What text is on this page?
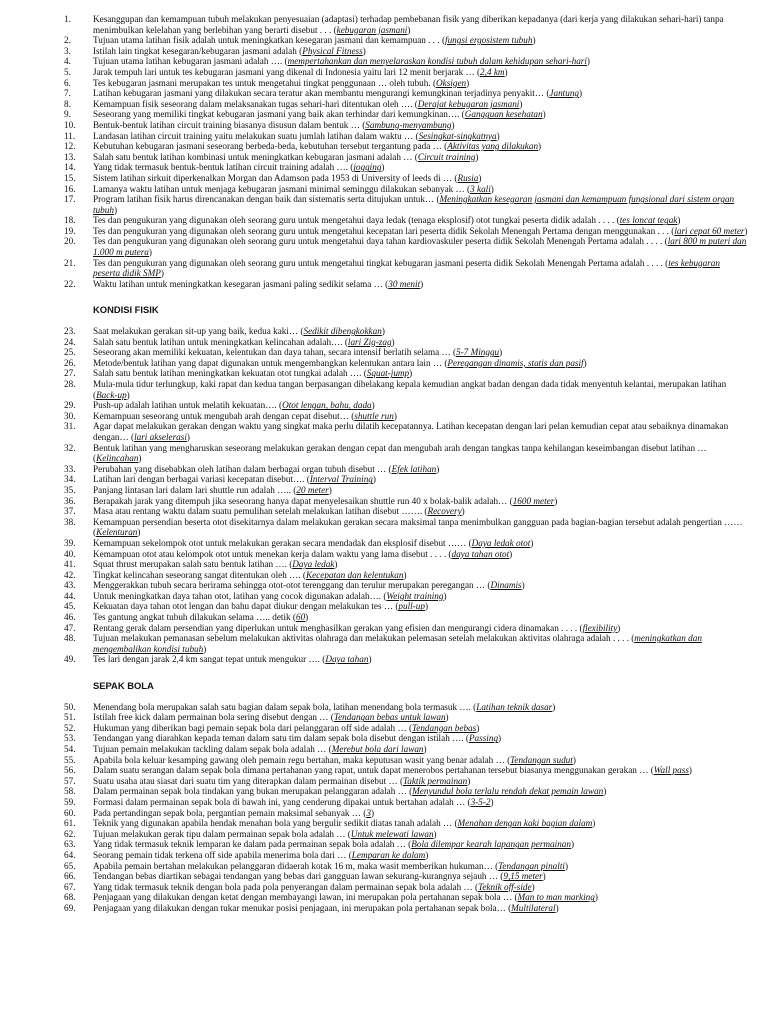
1.	Kesanggupan dan kemampuan tubuh melakukan penyesuaian (adaptasi) terhadap pembebanan fisik yang diberikan kepadanya (dari kerja yang dilakukan sehari-hari) tanpa menimbulkan kelelahan yang berlebihan yang berarti disebut . . . (kebugaran jasmani)
2.	Tujuan utama latihan fisik adalah untuk meningkatkan kesegaran jasmani dan kemampuan . . . (fungsi ergosistem tubuh)
3.	Istilah lain tingkat kesegaran/kebugaran jasmani adalah (Physical Fitness)
4.	Tujuan utama latihan kebugaran jasmani adalah …. (mempertahankan dan menyelaraskan kondisi tubuh dalam kehidupan sehari-hari)
5.	Jarak tempuh lari untuk tes kebugaran jasmani yang dikenal di Indonesia yaitu lari 12 menit berjarak … (2,4 km)
6.	Tes kebugaran jasmani merupakan tes untuk mengetahui tingkat penggunaan … oleh tubuh. (Oksigen)
7.	Latihan kebugaran jasmani yang dilakukan secara teratur akan membantu mengurangi kemungkinan terjadinya penyakit… (Jantung)
8.	Kemampuan fisik seseorang dalam melaksanakan tugas sehari-hari ditentukan oleh …. (Derajat kebugaran jasmani)
9.	Seseorang yang memiliki tingkat kebugaran jasmani yang baik akan terhindar dari kemungkinan…. (Gangguan kesehatan)
10.	Bentuk-bentuk latihan circuit training biasanya disusun dalam bentuk … (Sambung-menyambung)
11.	Landasan latihan circuit training yaitu melakukan suatu jumlah latihan dalam waktu … (Sesingkat-singkatnya)
12.	Kebutuhan kebugaran jasmani seseorang berbeda-beda, kebutuhan tersebut tergantung pada … (Aktivitas yang dilakukan)
13.	Salah satu bentuk latihan kombinasi untuk meningkatkan kebugaran jasmani adalah … (Circuit training)
14.	Yang tidak termasuk bentuk-bentuk latihan circuit training adalah …. (jogging)
15.	Sistem latihan sirkuit diperkenalkan Morgan dan Adamson pada 1953 di University of leeds di … (Rusia)
16.	Lamanya waktu latihan untuk menjaga kebugaran jasmani minimal seminggu dilakukan sebanyak … (3 kali)
17.	Program latihan fisik harus direncanakan dengan baik dan sistematis serta ditujukan untuk… (Meningkatkan kesegaran jasmani dan kemampuan fungsional dari sistem organ tubuh)
18.	Tes dan pengukuran yang digunakan oleh seorang guru untuk mengetahui daya ledak (tenaga eksplosif) otot tungkai peserta didik adalah . . . . (tes loncat tegak)
19.	Tes dan pengukuran yang digunakan oleh seorang guru untuk mengetahui kecepatan lari peserta didik Sekolah Menengah Pertama dengan menggunakan . . . (lari cepat 60 meter)
20.	Tes dan pengukuran yang digunakan oleh seorang guru untuk mengetahui daya tahan kardiovaskuler peserta didik Sekolah Menengah Pertama adalah . . . . (lari 800 m puteri dan 1.000 m putera)
21.	Tes dan pengukuran yang digunakan oleh seorang guru untuk mengetahui tingkat kebugaran jasmani peserta didik Sekolah Menengah Pertama adalah . . . . (tes kebugaran peserta didik SMP)
22.	Waktu latihan untuk meningkatkan kesegaran jasmani paling sedikit selama … (30 menit)
KONDISI FISIK
23.	Saat melakukan gerakan sit-up yang baik, kedua kaki… (Sedikit dibengkokkan)
24.	Salah satu bentuk latihan untuk meningkatkan kelincahan adalah…. (lari Zig-zag)
25.	Seseorang akan memiliki kekuatan, kelentukan dan daya tahan, secara intensif berlatih selama … (5-7 Minggu)
26.	Metode/bentuk latihan yang dapat digunakan untuk mengembangkan kelentukan antara lain … (Peregangan dinamis, statis dan pasif)
27.	Salah satu bentuk latihan meningkatkan kekuatan otot tungkai adalah …. (Squat-jump)
28.	Mula-mula tidur terlungkup, kaki rapat dan kedua tangan berpasangan dibelakang kepala kemudian angkat badan dengan dada tidak menyentuh kelantai, merupakan latihan (Back-up)
29.	Push-up adalah latihan untuk melatih kekuatan…. (Otot lengan, bahu, dada)
30.	Kemampuan seseorang untuk mengubah arah dengan cepat disebut… (shuttle run)
31.	Agar dapat melakukan gerakan dengan waktu yang singkat maka perlu dilatih kecepatannya. Latihan kecepatan dengan lari pelan kemudian cepat atau sebaiknya dinamakan dengan… (lari akselerasi)
32.	Bentuk latihan yang mengharuskan seseorang melakukan gerakan dengan cepat dan mengubah arah dengan tangkas tanpa kehilangan keseimbangan disebut latihan … (Kelincahan)
33.	Perubahan yang disebabkan oleh latihan dalam berbagai organ tubuh disebut … (Efek latihan)
34.	Latihan lari dengan berbagai variasi kecepatan disebut…. (Interval Training)
35.	Panjang lintasan lari dalam lari shuttle run adalah ….. (20 meter)
36.	Berapakah jarak yang ditempuh jika seseorang hanya dapat menyelesaikan shuttle run 40 x bolak-balik adalah… (1600 meter)
37.	Masa atau rentang waktu dalam suatu pemulihan setelah melakukan latihan disebut ……. (Recovery)
38.	Kemampuan persendian beserta otot disekitarnya dalam melakukan gerakan secara maksimal tanpa menimbulkan gangguan pada bagian-bagian tersebut adalah pengertian …… (Kelenturan)
39.	Kemampuan sekelompok otot untuk melakukan gerakan secara mendadak dan eksplosif disebut …… (Daya ledak otot)
40.	Kemampuan otot atau kelompok otot untuk menekan kerja dalam waktu yang lama disebut . . . . (daya tahan otot)
41.	Squat thrust merupakan salah satu bentuk latihan …. (Daya ledak)
42.	Tingkat kelincahan seseorang sangat ditentukan oleh …. (Kecepatan dan kelentukan)
43.	Menggerakkan tubuh secara beriramа sehingga otot-otot terenggang dan terulur merupakan peregangan … (Dinamis)
44.	Untuk meningkatkan daya tahan otot, latihan yang cocok digunakan adalah…. (Weight training)
45.	Kekuatan daya tahan otot lengan dan bahu dapat diukur dengan melakukan tes … (pull-up)
46.	Tes gantung angkat tubuh dilakukan selama ….. detik (60)
47.	Rentang gerak dalam persendian yang diperlukan untuk menghasilkan gerakan yang efisien dan mengurangi cidera dinamakan . . . . (flexibility)
48.	Tujuan melakukan pemanasan sebelum melakukan aktivitas olahraga dan melakukan pelemasan setelah melakukan aktivitas olahraga adalah . . . . (meningkatkan dan mengembalikan kondisi tubuh)
49.	Tes lari dengan jarak 2,4 km sangat tepat untuk mengukur …. (Daya tahan)
SEPAK BOLA
50.	Menendang bola merupakan salah satu bagian dalam sepak bola, latihan menendang bola termasuk …. (Latihan teknik dasar)
51.	Istilah free kick dalam permainan bola sering disebut dengan … (Tendangan bebas untuk lawan)
52.	Hukuman yang diberikan bagi pemain sepak bola dari pelanggaran off side adalah … (Tendangan bebas)
53.	Tendangan yang diarahkan kepada teman dalam satu tim dalam sepak bola disebut dengan istilah …. (Passing)
54.	Tujuan pemain melakukan tackling dalam sepak bola adalah … (Merebut bola dari lawan)
55.	Apabila bola keluar kesamping gawang oleh pemain regu bertahan, maka keputusan wasit yang benar adalah … (Tendangan sudut)
56.	Dalam suatu serangan dalam sepak bola dimana pertahanan yang rapat, untuk dapat menerobos pertahanan tersebut biasanya menggunakan gerakan … (Wall pass)
57.	Suatu usaha atau siasat dari suatu tim yang diterapkan dalam permainan disebut … (Taktik permainan)
58.	Dalam permainan sepak bola tindakan yang bukan merupakan pelanggaran adalah … (Menyundul bola terlalu rendah dekat pemain lawan)
59.	Formasi dalam permainan sepak bola di bawah ini, yang cenderung dipakai untuk bertahan adalah … (3-5-2)
60.	Pada pertandingan sepak bola, pergantian pemain maksimal sebanyak … (3)
61.	Teknik yang digunakan apabila hendak menahan bola yang bergulir sedikit diatas tanah adalah … (Menahan dengan kaki bagian dalam)
62.	Tujuan melakukan gerak tipu dalam permainan sepak bola adalah … (Untuk melewati lawan)
63.	Yang tidak termasuk teknik lemparan ke dalam pada permainan sepak bola adalah … (Bola dilempar kearah lapangan permainan)
64.	Seorang pemain tidak terkena off side apabila menerima bola dari … (Lemparan ke dalam)
65.	Apabila pemain bertahan melakukan pelanggaran didaerah kotak 16 m, maka wasit memberikan hukuman… (Tendangan pinalti)
66.	Tendangan bebas diartikan sebagai tendangan yang bebas dari gangguan lawan sekurang-kurangnya sejauh … (9,15 meter)
67.	Yang tidak termasuk teknik dengan bola pada pola penyerangan dalam permainan sepak bola adalah … (Teknik off-side)
68.	Penjagaan yang dilakukan dengan ketat dengan membayangi lawan, ini merupakan pola pertahanan sepak bola … (Man to man marking)
69.	Penjagaan yang dilakukan dengan tukar menukar posisi penjagaan, ini merupakan pola pertahanan sepak bola… (Multilateral)
